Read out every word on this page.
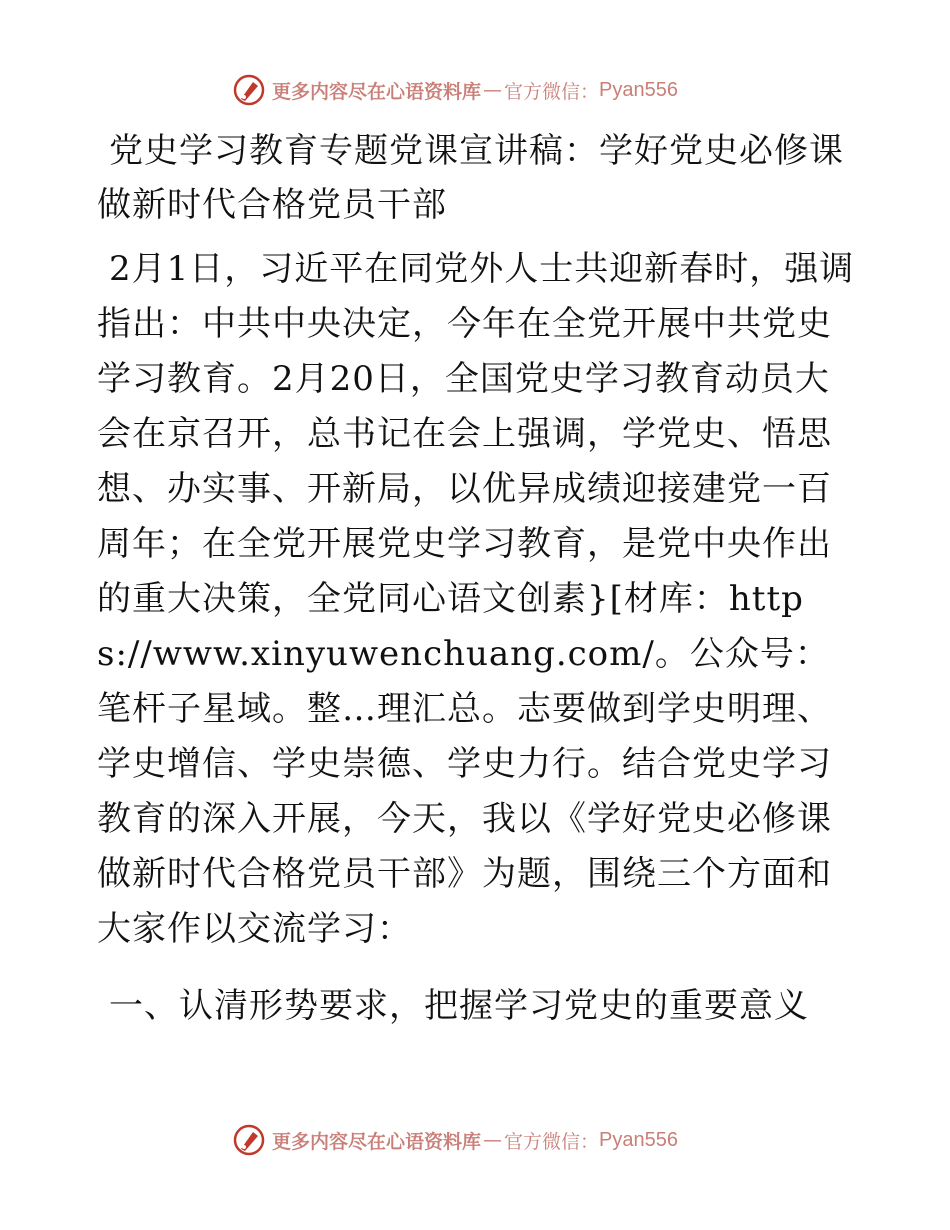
更多内容尽在心语资料库 — 官方微信： Pyan556
党史学习教育专题党课宣讲稿：学好党史必修课做新时代合格党员干部

2月1日，习近平在同党外人士共迎新春时，强调指出：中共中央决定，今年在全党开展中共党史学习教育。2月20日，全国党史学习教育动员大会在京召开，总书记在会上强调，学党史、悟思想、办实事、开新局，以优异成绩迎接建党一百周年；在全党开展党史学习教育，是党中央作出的重大决策，全党同心语文创素}[材库：https://www.xinyuwenchuang.com/。公众号：笔杆子星域。整…理汇总。志要做到学史明理、学史增信、学史崇德、学史力行。结合党史学习教育的深入开展，今天，我以《学好党史必修课做新时代合格党员干部》为题，围绕三个方面和大家作以交流学习：

一、认清形势要求，把握学习党史的重要意义
更多内容尽在心语资料库 — 官方微信： Pyan556
